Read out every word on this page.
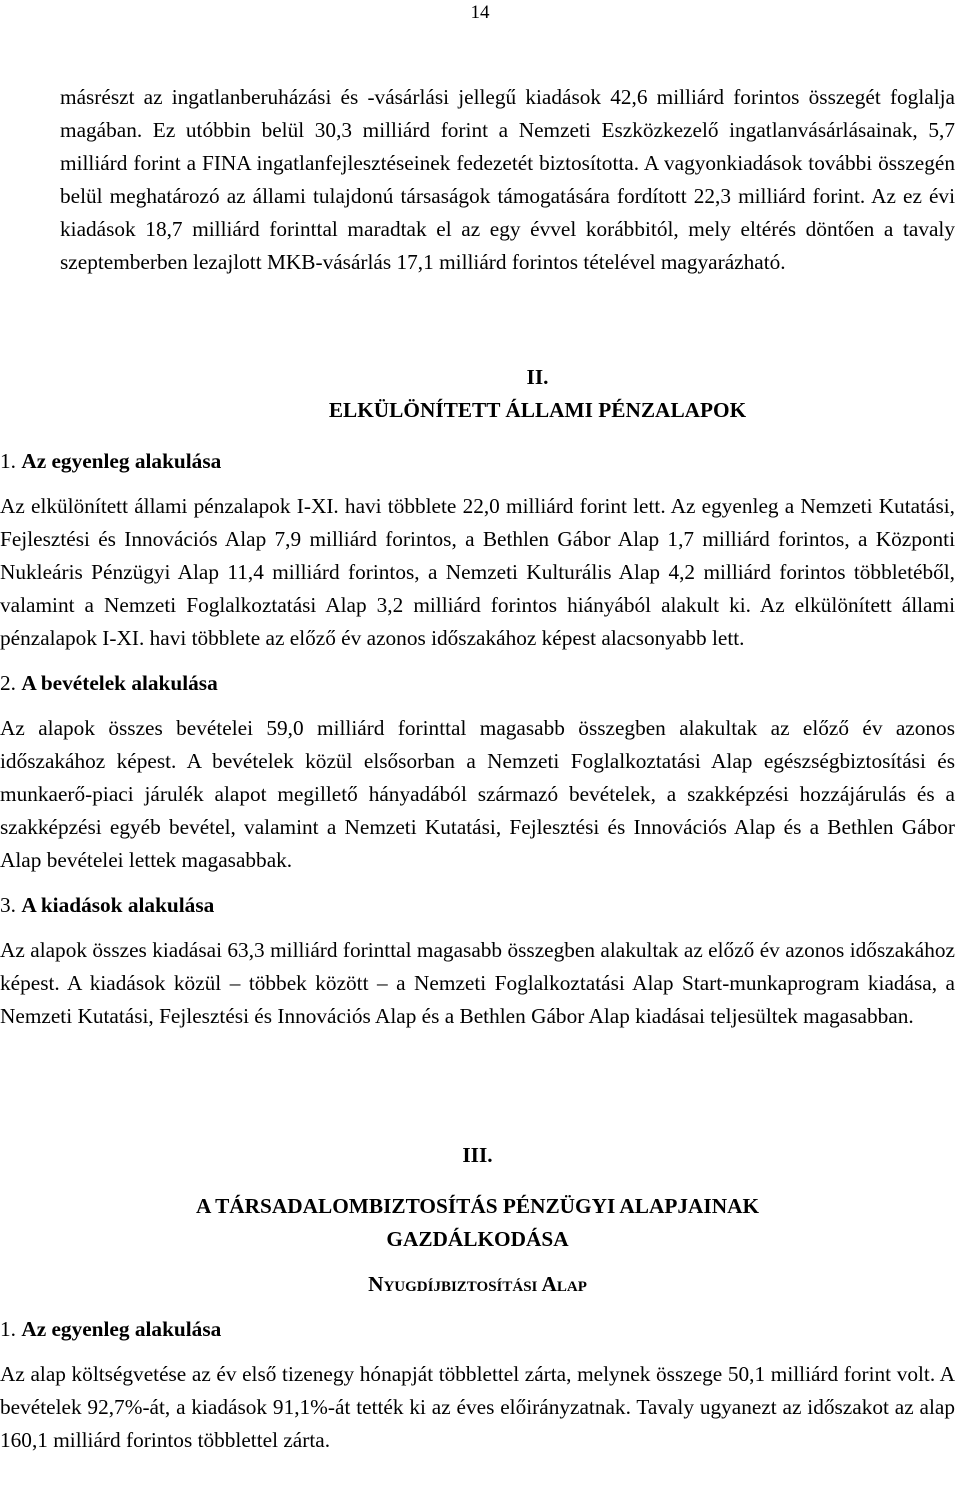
14

másrészt az ingatlanberuházási és -vásárlási jellegű kiadások 42,6 milliárd forintos összegét foglalja magában. Ez utóbbin belül 30,3 milliárd forint a Nemzeti Eszközkezelő ingatlanvásárlásainak, 5,7 milliárd forint a FINA ingatlanfejlesztéseinek fedezetét biztosította. A vagyonkiadások további összegén belül meghatározó az állami tulajdonú társaságok támogatására fordított 22,3 milliárd forint. Az ez évi kiadások 18,7 milliárd forinttal maradtak el az egy évvel korábbitól, mely eltérés döntően a tavaly szeptemberben lezajlott MKB-vásárlás 17,1 milliárd forintos tételével magyarázható.

II.
ELKÜLÖNÍTETT ÁLLAMI PÉNZALAPOK
1. Az egyenleg alakulása

Az elkülönített állami pénzalapok I-XI. havi többlete 22,0 milliárd forint lett. Az egyenleg a Nemzeti Kutatási, Fejlesztési és Innovációs Alap 7,9 milliárd forintos, a Bethlen Gábor Alap 1,7 milliárd forintos, a Központi Nukleáris Pénzügyi Alap 11,4 milliárd forintos, a Nemzeti Kulturális Alap 4,2 milliárd forintos többletéből, valamint a Nemzeti Foglalkoztatási Alap 3,2 milliárd forintos hiányából alakult ki. Az elkülönített állami pénzalapok I-XI. havi többlete az előző év azonos időszakához képest alacsonyabb lett.

2. A bevételek alakulása

Az alapok összes bevételei 59,0 milliárd forinttal magasabb összegben alakultak az előző év azonos időszakához képest. A bevételek közül elsősorban a Nemzeti Foglalkoztatási Alap egészségbiztosítási és munkaerő-piaci járulék alapot megillető hányadából származó bevételek, a szakképzési hozzájárulás és a szakképzési egyéb bevétel, valamint a Nemzeti Kutatási, Fejlesztési és Innovációs Alap és a Bethlen Gábor Alap bevételei lettek magasabbak.

3. A kiadások alakulása

Az alapok összes kiadásai 63,3 milliárd forinttal magasabb összegben alakultak az előző év azonos időszakához képest. A kiadások közül – többek között – a Nemzeti Foglalkoztatási Alap Start-munkaprogram kiadása, a Nemzeti Kutatási, Fejlesztési és Innovációs Alap és a Bethlen Gábor Alap kiadásai teljesültek magasabban.

III.
A TÁRSADALOMBIZTOSÍTÁS PÉNZÜGYI ALAPJAINAK
GAZDÁLKODÁSA
Nyugdíjbiztosítási Alap
1. Az egyenleg alakulása

Az alap költségvetése az év első tizenegy hónapját többlettel zárta, melynek összege 50,1 milliárd forint volt. A bevételek 92,7%-át, a kiadások 91,1%-át tették ki az éves előirányzatnak. Tavaly ugyanezt az időszakot az alap 160,1 milliárd forintos többlettel zárta.
